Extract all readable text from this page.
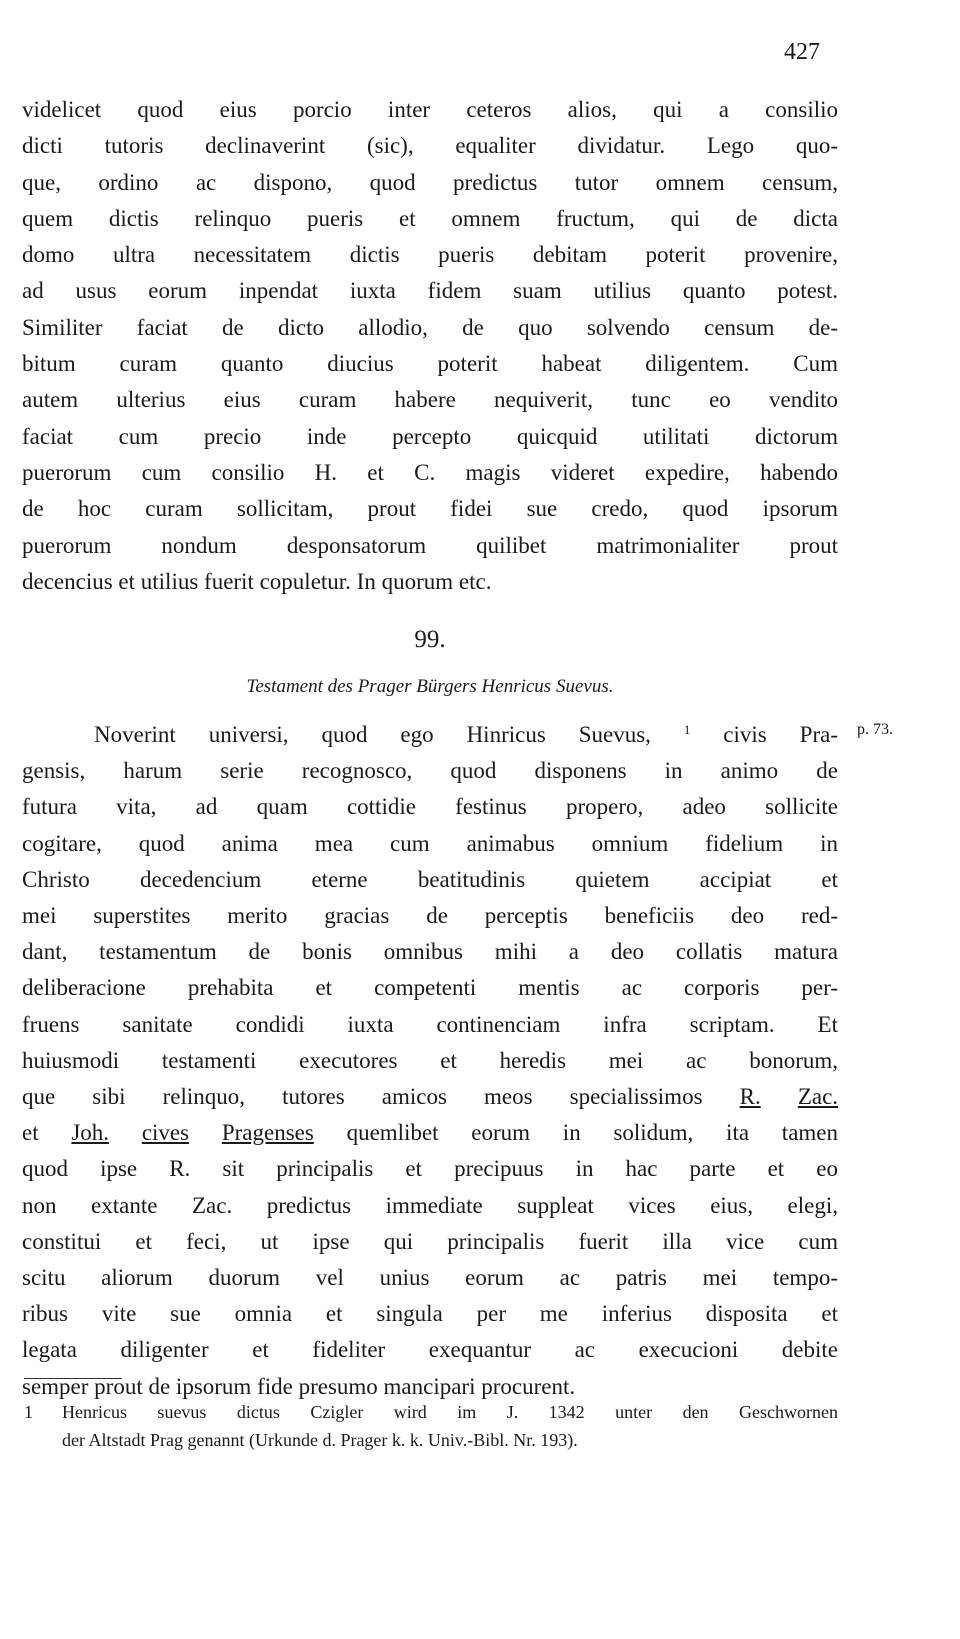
427
videlicet quod eius porcio inter ceteros alios, qui a consilio
dicti tutoris declinaverint (sic), equaliter dividatur. Lego quo-
que, ordino ac dispono, quod predictus tutor omnem censum,
quem dictis relinquo pueris et omnem fructum, qui de dicta
domo ultra necessitatem dictis pueris debitam poterit provenire,
ad usus eorum inpendat iuxta fidem suam utilius quanto potest.
Similiter faciat de dicto allodio, de quo solvendo censum de-
bitum curam quanto diucius poterit habeat diligentem. Cum
autem ulterius eius curam habere nequiverit, tunc eo vendito
faciat cum precio inde percepto quicquid utilitati dictorum
puerorum cum consilio H. et C. magis videret expedire, habendo
de hoc curam sollicitam, prout fidei sue credo, quod ipsorum
puerorum nondum desponsatorum quilibet matrimonialiter prout
decencius et utilius fuerit copuletur. In quorum etc.
99.
Testament des Prager Bürgers Henricus Suevus.
p. 73.
Noverint universi, quod ego Hinricus Suevus,	$^1$ civis Pra-
gensis, harum serie recognosco, quod disponens in animo de
futura vita, ad quam cottidie festinus propero, adeo sollicite
cogitare, quod anima mea cum animabus omnium fidelium in
Christo decedencium eterne beatitudinis quietem accipiat et
mei superstites merito gracias de perceptis beneficiis deo red-
dant, testamentum de bonis omnibus mihi a deo collatis matura
deliberacione prehabita et competenti mentis ac corporis per-
fruens sanitate condidi iuxta continenciam infra scriptam. Et
huiusmodi testamenti executores et heredis mei ac bonorum,
que sibi relinquo, tutores amicos meos specialissimos R. Zac.
et Joh. cives Pragenses quemlibet eorum in solidum, ita tamen
quod ipse R. sit principalis et precipuus in hac parte et eo
non extante Zac. predictus immediate suppleat vices eius, elegi,
constitui et feci, ut ipse qui principalis fuerit illa vice cum
scitu aliorum duorum vel unius eorum ac patris mei tempo-
ribus vite sue omnia et singula per me inferius disposita et
legata diligenter et fideliter exequantur ac execucioni debite
semper prout de ipsorum fide presumo mancipari procurent.
1 Henricus suevus dictus Czigler wird im J. 1342 unter den Geschwornen
der Altstadt Prag genannt (Urkunde d. Prager k. k. Univ.-Bibl. Nr. 193).
